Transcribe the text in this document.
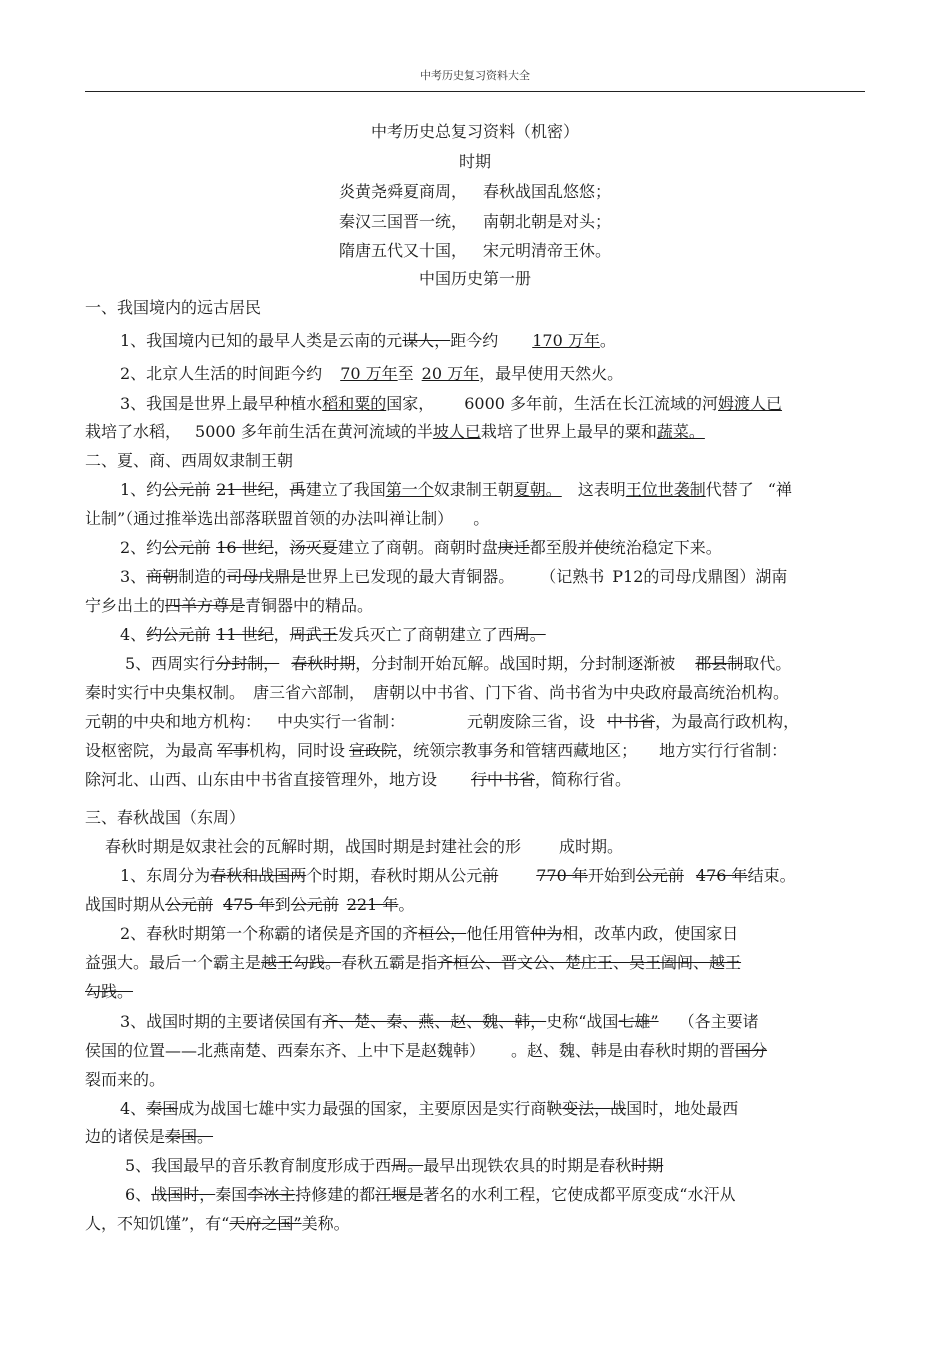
中考历史复习资料大全
中考历史总复习资料（机密）
时期
炎黄尧舜夏商周， 春秋战国乱悠悠；
秦汉三国晋一统， 南朝北朝是对头；
隋唐五代又十国， 宋元明清帝王休。
中国历史第一册
一、我国境内的远古居民
1、我国境内已知的最早人类是云南的元谋人，距今约 170 万年。
2、北京人生活的时间距今约 70 万年至 20 万年，最早使用天然火。
3、我国是世界上最早种植水稻和粟的国家， 6000 多年前，生活在长江流域的河姆渡人已
栽培了水稻， 5000 多年前生活在黄河流域的半坡人已栽培了世界上最早的粟和蔬菜。
二、夏、商、西周奴隶制王朝
1、约公元前 21 世纪，禹建立了我国第一个奴隶制王朝夏朝。 这表明王位世袭制代替了 “禅
让制”（通过推举选出部落联盟首领的办法叫禅让制） 。
2、约公元前 16 世纪，汤灭夏建立了商朝。商朝时盘庚迁都至殷并使统治稳定下来。
3、商朝制造的司母戊鼎是世界上已发现的最大青铜器。 （记熟书 P12的司母戊鼎图）湖南
宁乡出土的四羊方尊是青铜器中的精品。
4、约公元前 11 世纪，周武王发兵灭亡了商朝建立了西周。
5、西周实行分封制， 春秋时期，分封制开始瓦解。战国时期，分封制逐渐被 郡县制取代。
秦时实行中央集权制。　唐三省六部制，　唐朝以中书省、门下省、尚书省为中央政府最高统治机构。
元朝的中央和地方机构： 中央实行一省制：	元朝废除三省，设 中书省，为最高行政机构，
设枢密院，为最高 军事机构，同时设 宣政院，统领宗教事务和管辖西藏地区； 地方实行行省制：
除河北、山西、山东由中书省直接管理外，地方设 行中书省，简称行省。
三、春秋战国（东周）
春秋时期是奴隶社会的瓦解时期，战国时期是封建社会的形 成时期。
1、东周分为春秋和战国两个时期，春秋时期从公元前 770 年开始到公元前 476 年结束。
战国时期从公元前 475 年到公元前 221 年。
2、春秋时期第一个称霸的诸侯是齐国的齐桓公，他任用管仲为相，改革内政，使国家日
益强大。最后一个霸主是越王勾践。春秋五霸是指齐桓公、晋文公、楚庄王、吴王阖闾、越王
勾践。
3、战国时期的主要诸侯国有齐、楚、秦、燕、赵、魏、韩，史称“战国七雄” （各主要诸
侯国的位置——北燕南楚、西秦东齐、上中下是赵魏韩） 。赵、魏、韩是由春秋时期的晋国分
裂而来的。
4、秦国成为战国七雄中实力最强的国家，主要原因是实行商鞅变法，战国时，地处最西
边的诸侯是秦国。
5、我国最早的音乐教育制度形成于西周。最早出现铁农具的时期是春秋时期
6、战国时，秦国李冰主持修建的都江堰是著名的水利工程，它使成都平原变成“水汗从
人，不知饥馑”，有“天府之国”美称。
